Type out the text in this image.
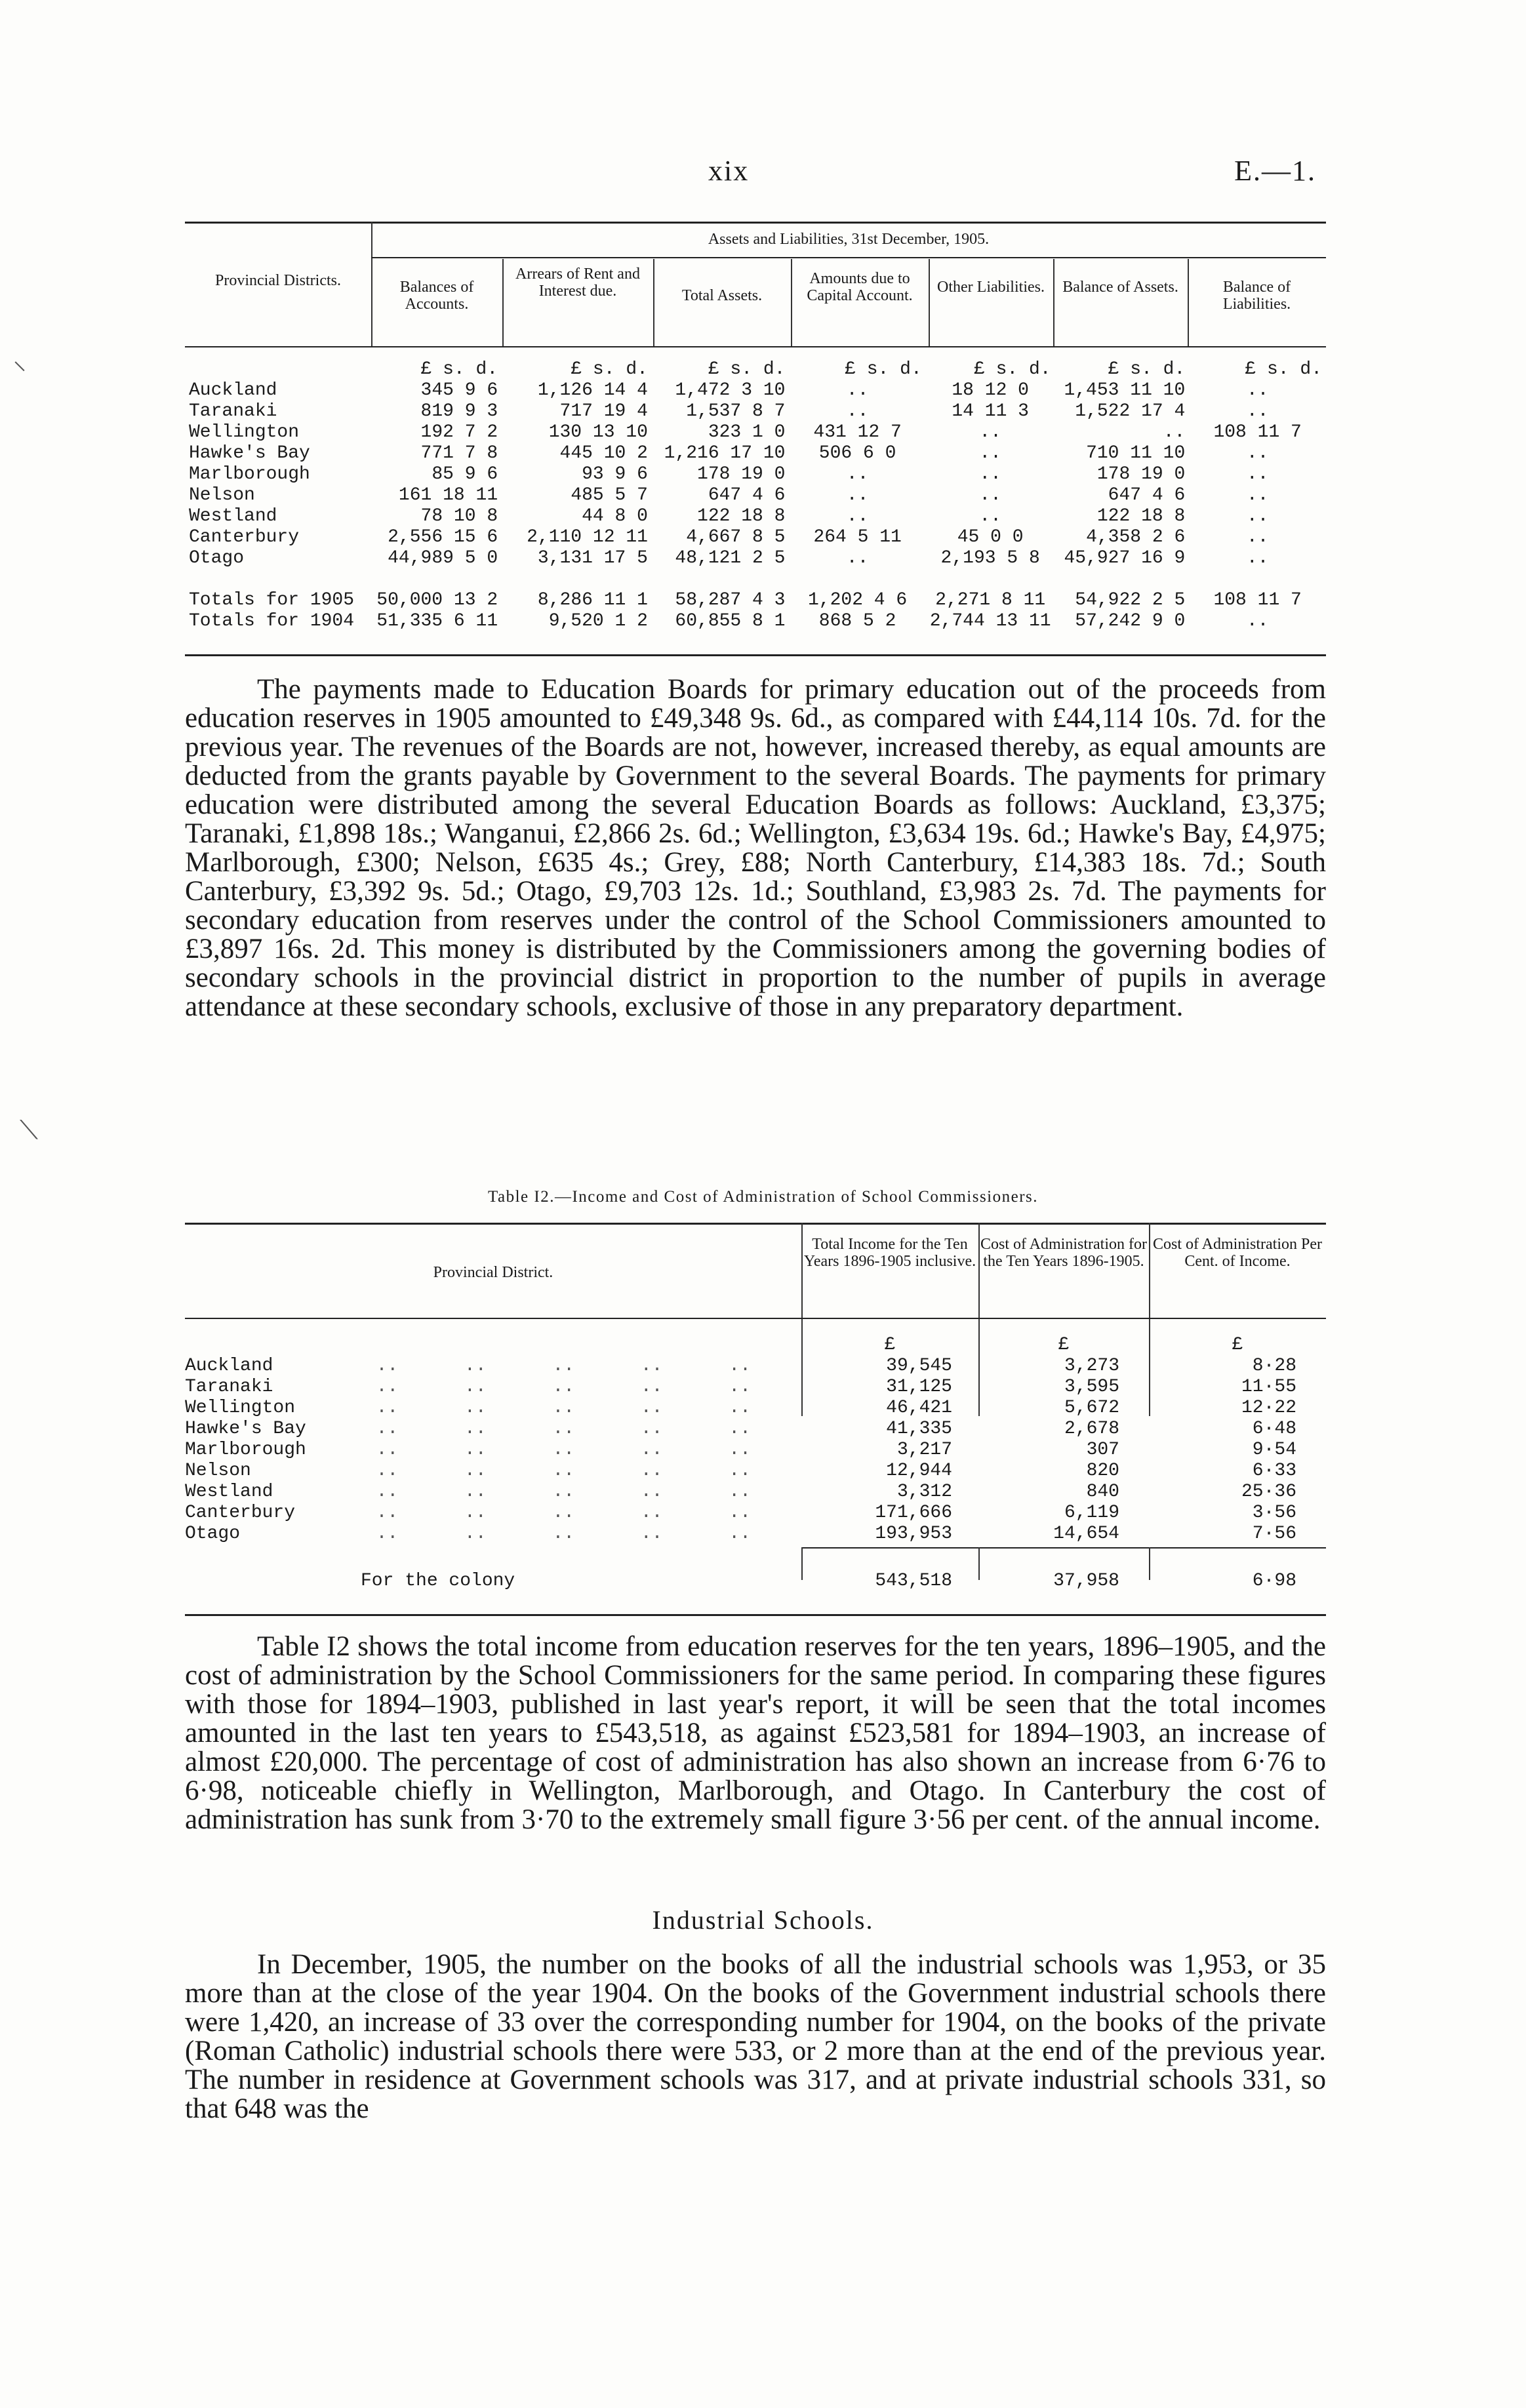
xix	E.—1.
Assets and Liabilities, 31st December, 1905.
Provincial Districts.	Balances of Accounts.
Arrears of Rent and Interest due.	Total Assets.
Amounts due to Capital Account.	Other Liabilities.	Balance of Assets.	Balance of Liabilities.
	£ s. d.	£ s. d.	£ s. d.	£ s. d.	£ s. d.	£ s. d.	£ s. d.
Auckland	345 9 6	1,126 14 4	1,472 3 10	..	18 12 0	1,453 11 10	..
Taranaki	819 9 3	717 19 4	1,537 8 7	..	14 11 3	1,522 17 4	..
Wellington	192 7 2	130 13 10	323 1 0	431 12 7	..	..	108 11 7
Hawke's Bay	771 7 8	445 10 2	1,216 17 10	506 6 0	..	710 11 10	..
Marlborough	85 9 6	93 9 6	178 19 0	..	..	178 19 0	..
Nelson	161 18 11	485 5 7	647 4 6	..	..	647 4 6	..
Westland	78 10 8	44 8 0	122 18 8	..	..	122 18 8	..
Canterbury	2,556 15 6	2,110 12 11	4,667 8 5	264 5 11	45 0 0	4,358 2 6	..
Otago	44,989 5 0	3,131 17 5	48,121 2 5	..	2,193 5 8	45,927 16 9	..

Totals for 1905	50,000 13 2	8,286 11 1	58,287 4 3	1,202 4 6	2,271 8 11	54,922 2 5	108 11 7
Totals for 1904	51,335 6 11	9,520 1 2	60,855 8 1	868 5 2	2,744 13 11	57,242 9 0	..

The payments made to Education Boards for primary education out of the proceeds from education reserves in 1905 amounted to £49,348 9s. 6d., as compared with £44,114 10s. 7d. for the previous year. The revenues of the Boards are not, however, increased thereby, as equal amounts are deducted from the grants payable by Government to the several Boards. The payments for primary education were distributed among the several Education Boards as follows: Auckland, £3,375; Taranaki, £1,898 18s.; Wanganui, £2,866 2s. 6d.; Wellington, £3,634 19s. 6d.; Hawke's Bay, £4,975; Marlborough, £300; Nelson, £635 4s.; Grey, £88; North Canterbury, £14,383 18s. 7d.; South Canterbury, £3,392 9s. 5d.; Otago, £9,703 12s. 1d.; Southland, £3,983 2s. 7d. The payments for secondary education from reserves under the control of the School Commissioners amounted to £3,897 16s. 2d. This money is distributed by the Commissioners among the governing bodies of secondary schools in the provincial district in proportion to the number of pupils in average attendance at these secondary schools, exclusive of those in any preparatory department.

Table I2.—Income and Cost of Administration of School Commissioners.
Provincial District.
Total Income for the Ten Years 1896-1905 inclusive.
Cost of Administration for the Ten Years 1896-1905.
Cost of Administration Per Cent. of Income.
£	£	£
Auckland	..      ..      ..      ..      ..	39,545	3,273	8·28
Taranaki	..      ..      ..      ..      ..	31,125	3,595	11·55
Wellington	..      ..      ..      ..      ..	46,421	5,672	12·22
Hawke's Bay	..      ..      ..      ..      ..	41,335	2,678	6·48
Marlborough	..      ..      ..      ..      ..	3,217	307	9·54
Nelson	..      ..      ..      ..      ..	12,944	820	6·33
Westland	..      ..      ..      ..      ..	3,312	840	25·36
Canterbury	..      ..      ..      ..      ..	171,666	6,119	3·56
Otago	..      ..      ..      ..      ..	193,953	14,654	7·56
For the colony	543,518	37,958	6·98

Table I2 shows the total income from education reserves for the ten years, 1896–1905, and the cost of administration by the School Commissioners for the same period. In comparing these figures with those for 1894–1903, published in last year's report, it will be seen that the total incomes amounted in the last ten years to £543,518, as against £523,581 for 1894–1903, an increase of almost £20,000. The percentage of cost of administration has also shown an increase from 6·76 to 6·98, noticeable chiefly in Wellington, Marlborough, and Otago. In Canterbury the cost of administration has sunk from 3·70 to the extremely small figure 3·56 per cent. of the annual income.

Industrial Schools.

In December, 1905, the number on the books of all the industrial schools was 1,953, or 35 more than at the close of the year 1904. On the books of the Government industrial schools there were 1,420, an increase of 33 over the corresponding number for 1904, on the books of the private (Roman Catholic) industrial schools there were 533, or 2 more than at the end of the previous year. The number in residence at Government schools was 317, and at private industrial schools 331, so that 648 was the

⸜
⟍
